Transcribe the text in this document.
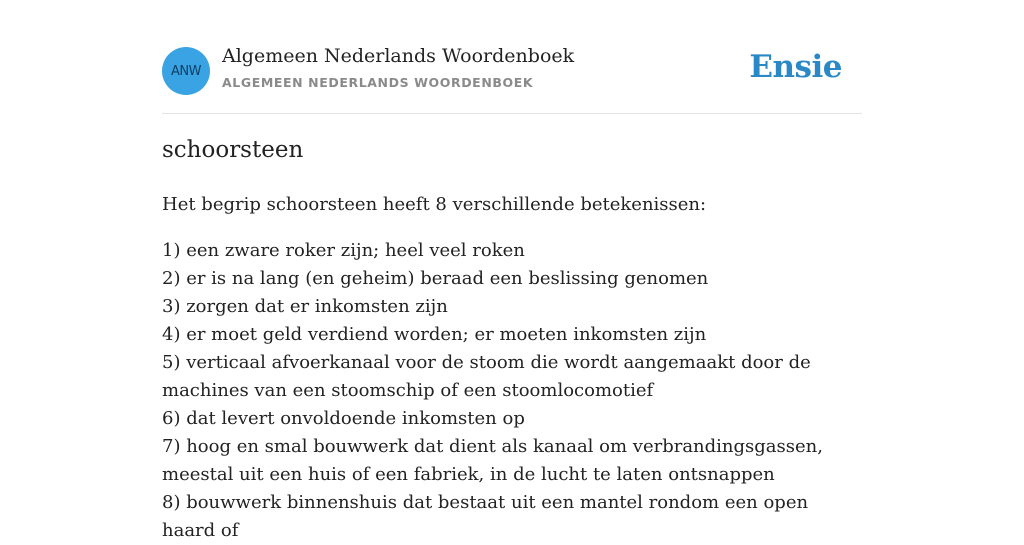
ANW
Algemeen Nederlands Woordenboek
ALGEMEEN NEDERLANDS WOORDENBOEK	Ensie
schoorsteen

Het begrip schoorsteen heeft 8 verschillende betekenissen:

1) een zware roker zijn; heel veel roken
2) er is na lang (en geheim) beraad een beslissing genomen
3) zorgen dat er inkomsten zijn
4) er moet geld verdiend worden; er moeten inkomsten zijn
5) verticaal afvoerkanaal voor de stoom die wordt aangemaakt door de machines van een stoomschip of een stoomlocomotief
6) dat levert onvoldoende inkomsten op
7) hoog en smal bouwwerk dat dient als kanaal om verbrandingsgassen, meestal uit een huis of een fabriek, in de lucht te laten ontsnappen
8) bouwwerk binnenshuis dat bestaat uit een mantel rondom een open haard of
